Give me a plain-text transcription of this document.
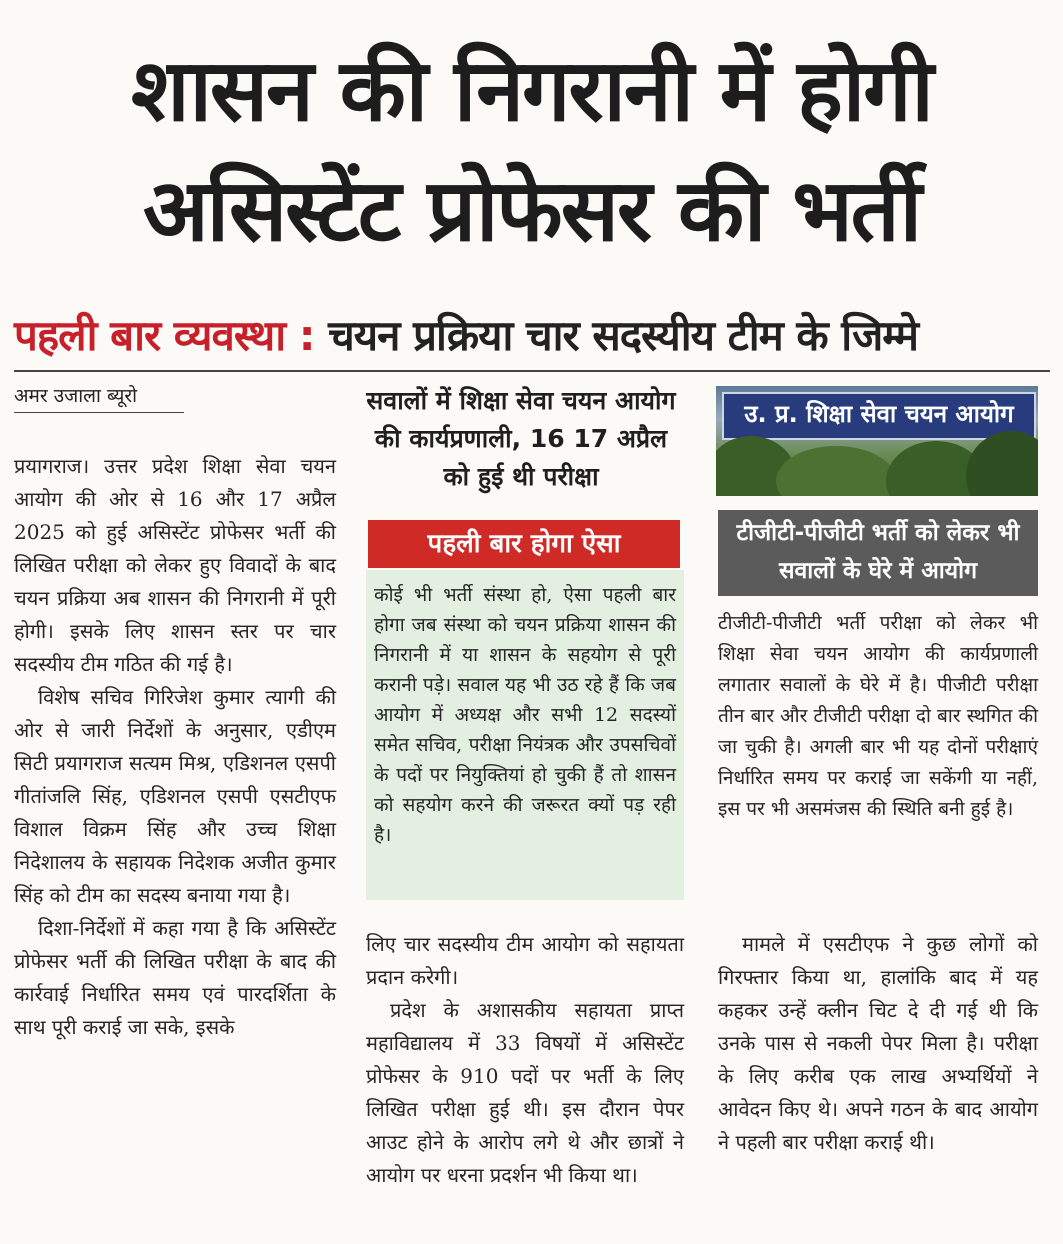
शासन की निगरानी में होगी
असिस्टेंट प्रोफेसर की भर्ती
पहली बार व्यवस्था : चयन प्रक्रिया चार सदस्यीय टीम के जिम्मे
अमर उजाला ब्यूरो

प्रयागराज। उत्तर प्रदेश शिक्षा सेवा चयन आयोग की ओर से 16 और 17 अप्रैल 2025 को हुई असिस्टेंट प्रोफेसर भर्ती की लिखित परीक्षा को लेकर हुए विवादों के बाद चयन प्रक्रिया अब शासन की निगरानी में पूरी होगी। इसके लिए शासन स्तर पर चार सदस्यीय टीम गठित की गई है।

विशेष सचिव गिरिजेश कुमार त्यागी की ओर से जारी निर्देशों के अनुसार, एडीएम सिटी प्रयागराज सत्यम मिश्र, एडिशनल एसपी गीतांजलि सिंह, एडिशनल एसपी एसटीएफ विशाल विक्रम सिंह और उच्च शिक्षा निदेशालय के सहायक निदेशक अजीत कुमार सिंह को टीम का सदस्य बनाया गया है।

दिशा-निर्देशों में कहा गया है कि असिस्टेंट प्रोफेसर भर्ती की लिखित परीक्षा के बाद की कार्रवाई निर्धारित समय एवं पारदर्शिता के साथ पूरी कराई जा सके, इसके

सवालों में शिक्षा सेवा चयन आयोग की कार्यप्रणाली, 16 17 अप्रैल को हुई थी परीक्षा
पहली बार होगा ऐसा
कोई भी भर्ती संस्था हो, ऐसा पहली बार होगा जब संस्था को चयन प्रक्रिया शासन की निगरानी में या शासन के सहयोग से पूरी करानी पड़े। सवाल यह भी उठ रहे हैं कि जब आयोग में अध्यक्ष और सभी 12 सदस्यों समेत सचिव, परीक्षा नियंत्रक और उपसचिवों के पदों पर नियुक्तियां हो चुकी हैं तो शासन को सहयोग करने की जरूरत क्यों पड़ रही है।

लिए चार सदस्यीय टीम आयोग को सहायता प्रदान करेगी।

प्रदेश के अशासकीय सहायता प्राप्त महाविद्यालय में 33 विषयों में असिस्टेंट प्रोफेसर के 910 पदों पर भर्ती के लिए लिखित परीक्षा हुई थी। इस दौरान पेपर आउट होने के आरोप लगे थे और छात्रों ने आयोग पर धरना प्रदर्शन भी किया था।

उ. प्र. शिक्षा सेवा चयन आयोग
टीजीटी-पीजीटी भर्ती को लेकर भी सवालों के घेरे में आयोग

टीजीटी-पीजीटी भर्ती परीक्षा को लेकर भी शिक्षा सेवा चयन आयोग की कार्यप्रणाली लगातार सवालों के घेरे में है। पीजीटी परीक्षा तीन बार और टीजीटी परीक्षा दो बार स्थगित की जा चुकी है। अगली बार भी यह दोनों परीक्षाएं निर्धारित समय पर कराई जा सकेंगी या नहीं, इस पर भी असमंजस की स्थिति बनी हुई है।

मामले में एसटीएफ ने कुछ लोगों को गिरफ्तार किया था, हालांकि बाद में यह कहकर उन्हें क्लीन चिट दे दी गई थी कि उनके पास से नकली पेपर मिला है। परीक्षा के लिए करीब एक लाख अभ्यर्थियों ने आवेदन किए थे। अपने गठन के बाद आयोग ने पहली बार परीक्षा कराई थी।
